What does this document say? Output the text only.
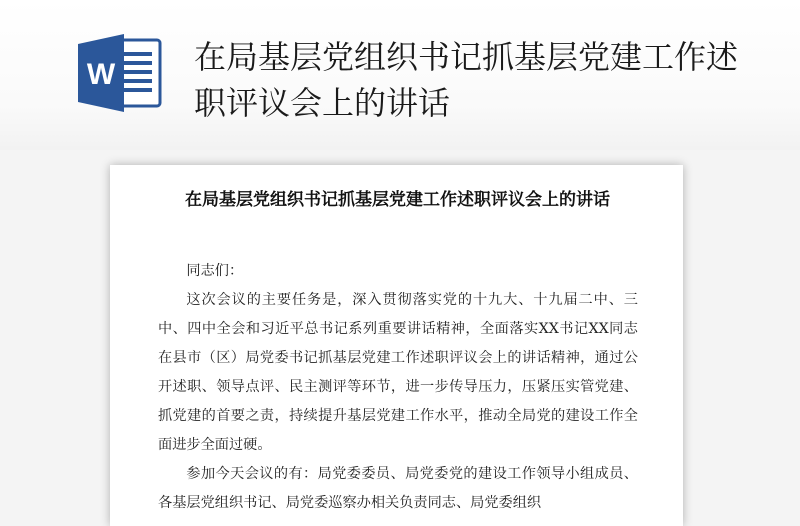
W 在局基层党组织书记抓基层党建工作述职评议会上的讲话
在局基层党组织书记抓基层党建工作述职评议会上的讲话

同志们：

这次会议的主要任务是，深入贯彻落实党的十九大、十九届二中、三中、四中全会和习近平总书记系列重要讲话精神，全面落实XX书记XX同志在县市（区）局党委书记抓基层党建工作述职评议会上的讲话精神，通过公开述职、领导点评、民主测评等环节，进一步传导压力，压紧压实管党建、抓党建的首要之责，持续提升基层党建工作水平，推动全局党的建设工作全面进步全面过硬。

参加今天会议的有：局党委委员、局党委党的建设工作领导小组成员、各基层党组织书记、局党委巡察办相关负责同志、局党委组织
